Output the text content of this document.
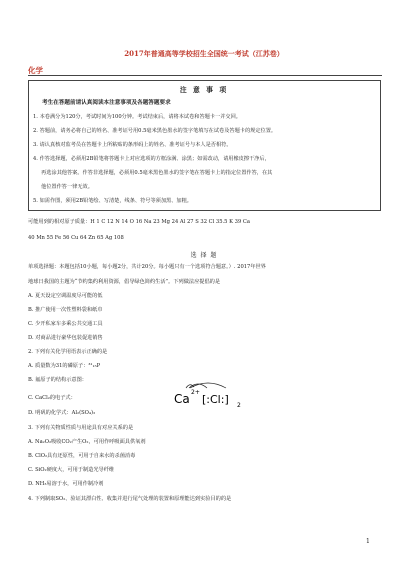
2017年普通高等学校招生全国统一考试（江苏卷）
化学
注 意 事 项
考生在答题前请认真阅读本注意事项及各题答题要求
1. 本卷满分为120分，考试时间为100分钟。考试结束后，请将本试卷和答题卡一并交回。
2. 答题前，请务必将自己的姓名、准考证号用0.5毫米黑色墨水的签字笔填写在试卷及答题卡的规定位置。
3. 请认真核对监考员在答题卡上所粘贴的条形码上的姓名、准考证号与本人是否相符。
4. 作答选择题，必须用2B铅笔将答题卡上对应选项的方框涂满、涂黑；如需改动，请用橡皮擦干净后，
再选涂其他答案。作答非选择题，必须用0.5毫米黑色墨水的签字笔在答题卡上的指定位置作答，在其
他位置作答一律无效。
5. 如需作图，须用2B铅笔绘、写清楚，线条、符号等须加黑、加粗。
可能用到的相对原子质量：H 1 C 12 N 14 O 16 Na 23 Mg 24 Al 27 S 32 Cl 35.5 K 39 Ca
40 Mn 55 Fe 56 Cu 64 Zn 65 Ag 108
选 择 题
单项选择题：本题包括10小题，每小题2分，共计20分。每小题只有一个选项符合题意。）. 2017年世界
地球日我国的主题为“节约集约利用资源，倡导绿色简约生活”。下列做法应提倡的是
A. 夏天设定空调温度尽可能的低
B. 推广使用一次性塑料袋和纸巾
C. 少开私家车多乘公共交通工具
D. 对商品进行豪华包装促进销售
2. 下列有关化学用语表示正确的是
A. 质量数为31的磷原子：³¹₁₅P
B. 氟原子的结构示意图：
Ca 2+
[:Cl:] 2
C. CaCl₂的电子式：
D. 明矾的化学式：Al₂(SO₄)₃
3. 下列有关物质性质与用途具有对应关系的是
A. Na₂O₂吸收CO₂产生O₂，可用作呼吸面具供氧剂
B. ClO₂具有还原性，可用于自来水的杀菌消毒
C. SiO₂硬度大，可用于制造光导纤维
D. NH₃易溶于水，可用作制冷剂
4. 下列制取SO₂、验证其漂白性、收集并进行尾气处理的装置和原理能达到实验目的的是
1
